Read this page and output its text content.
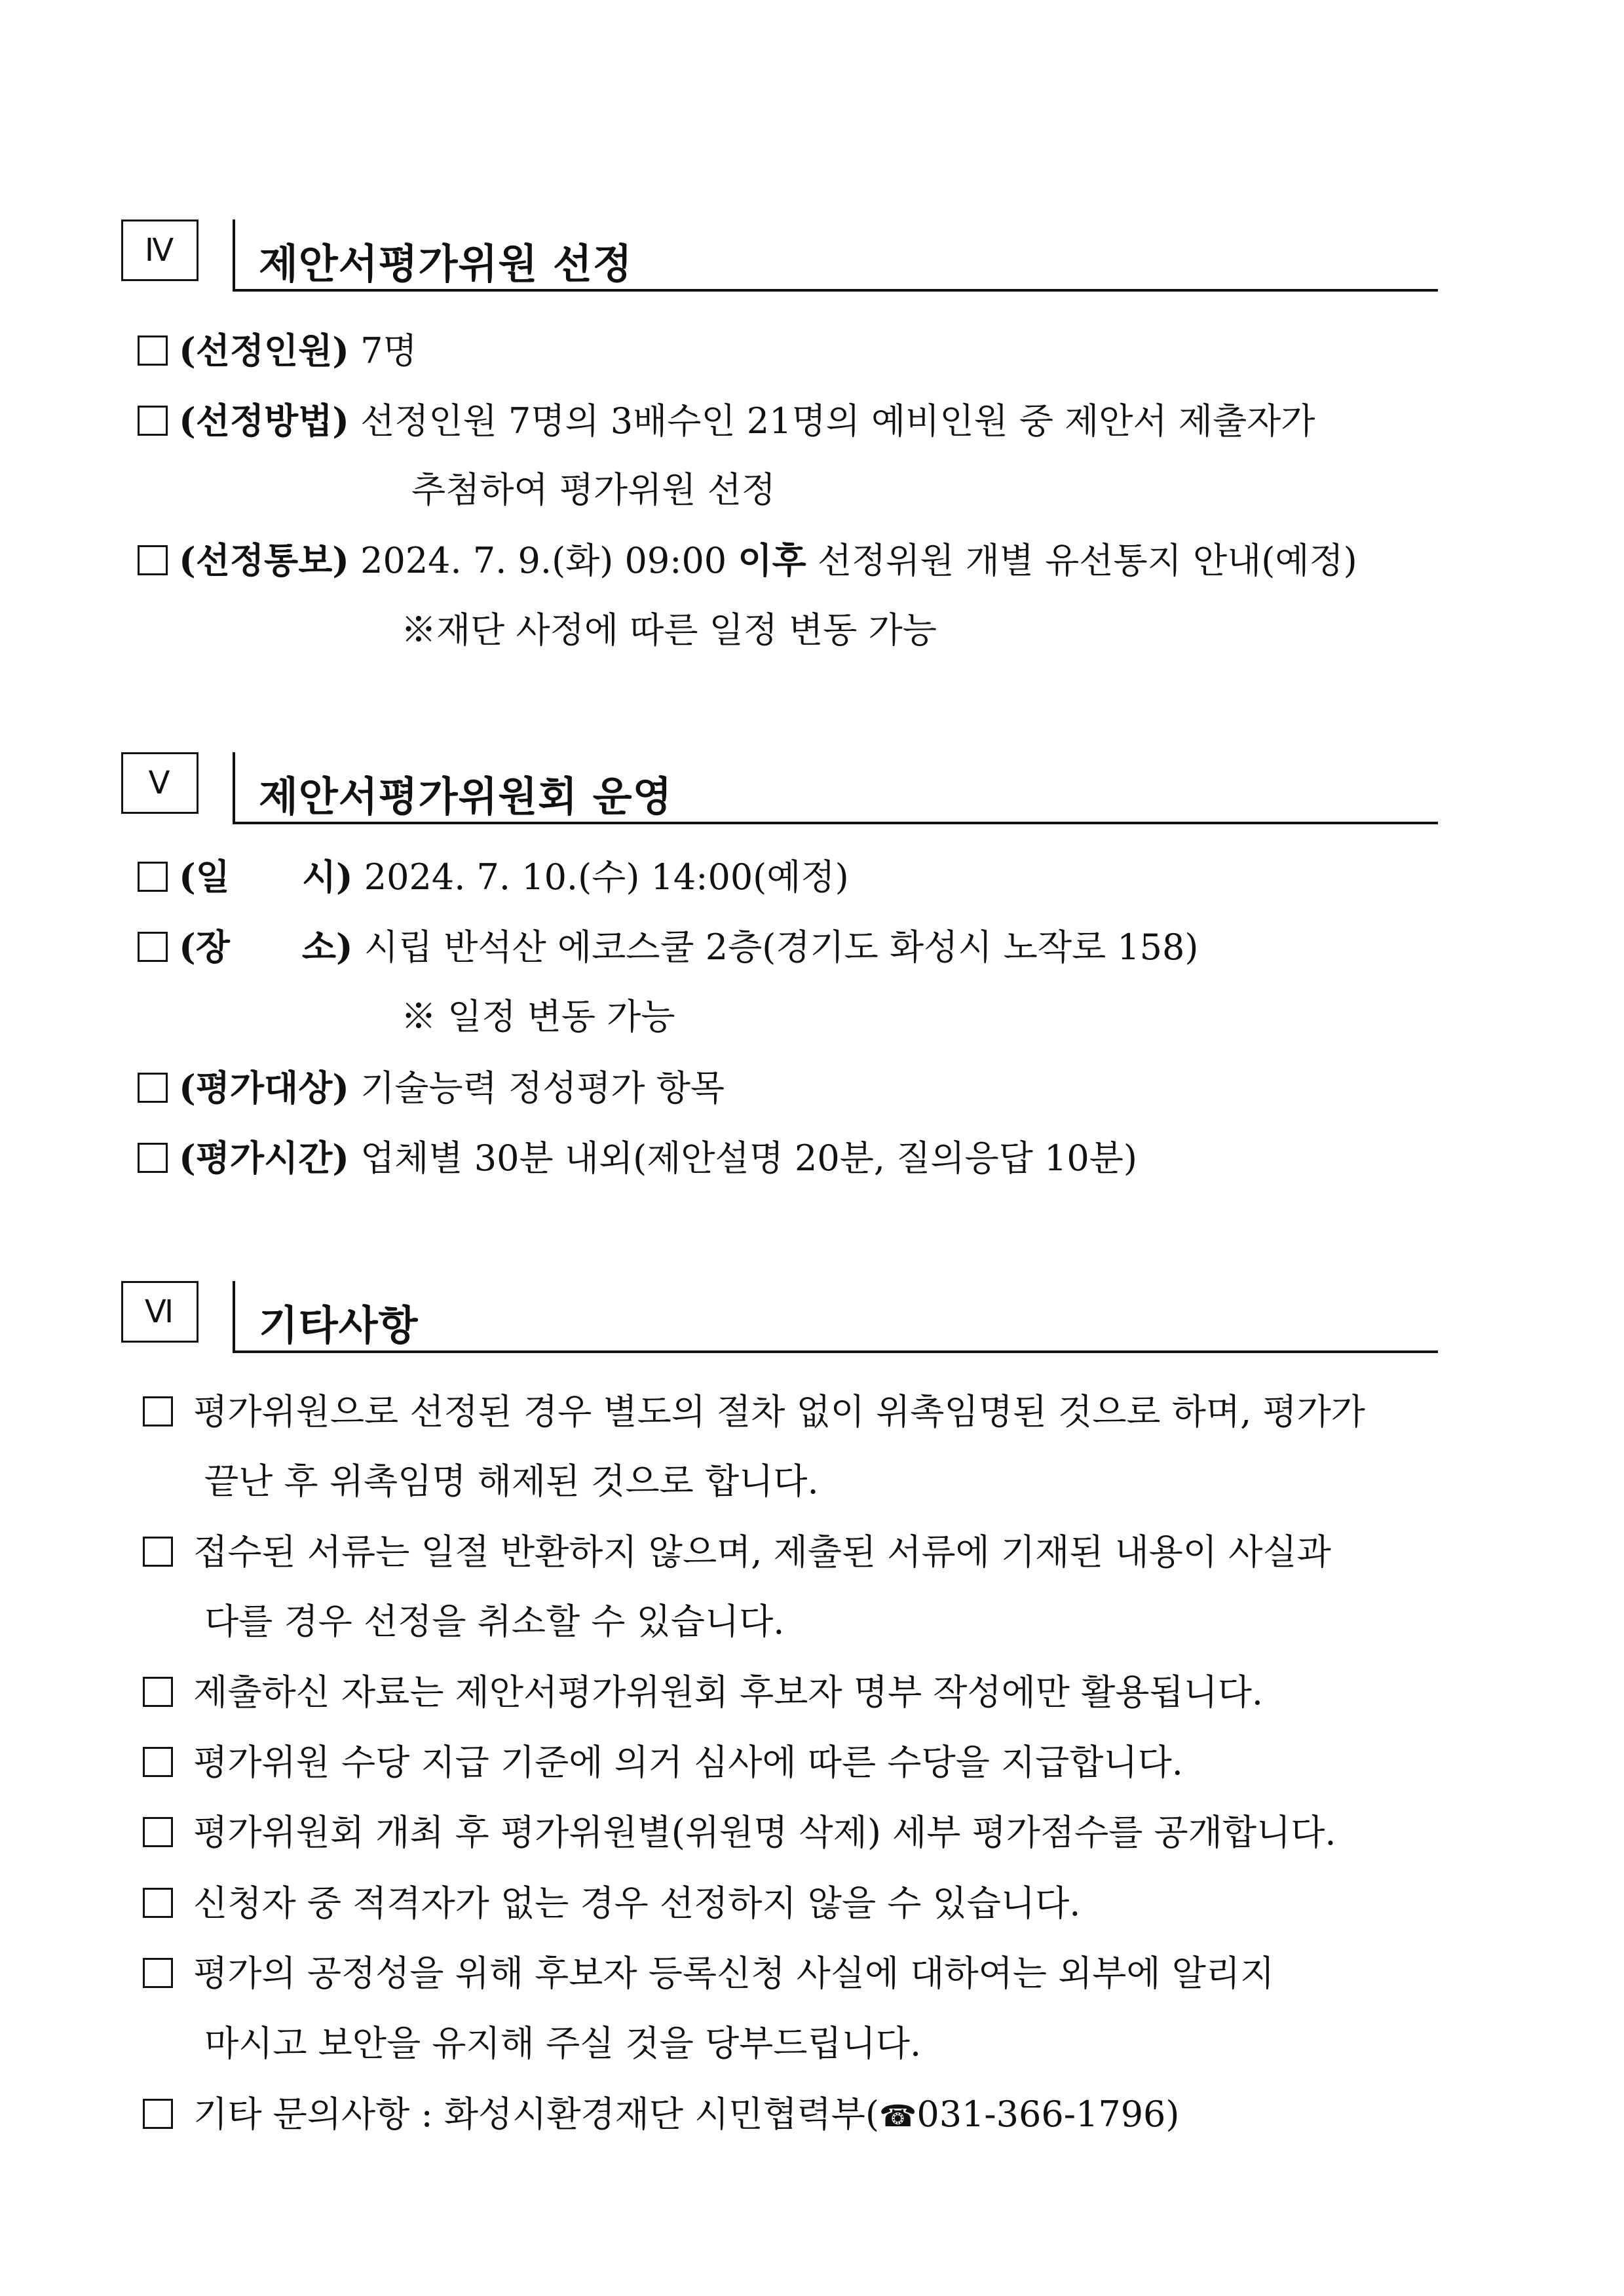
Ⅳ	제안서평가위원 선정
(선정인원) 7명
(선정방법) 선정인원 7명의 3배수인 21명의 예비인원 중 제안서 제출자가
추첨하여 평가위원 선정
(선정통보) 2024. 7. 9.(화) 09:00 이후 선정위원 개별 유선통지 안내(예정)
※재단 사정에 따른 일정 변동 가능
Ⅴ	제안서평가위원회 운영
(일 시) 2024. 7. 10.(수) 14:00(예정)
(장 소) 시립 반석산 에코스쿨 2층(경기도 화성시 노작로 158)
※ 일정 변동 가능
(평가대상) 기술능력 정성평가 항목
(평가시간) 업체별 30분 내외(제안설명 20분, 질의응답 10분)
Ⅵ	기타사항
평가위원으로 선정된 경우 별도의 절차 없이 위촉임명된 것으로 하며, 평가가
끝난 후 위촉임명 해제된 것으로 합니다.
접수된 서류는 일절 반환하지 않으며, 제출된 서류에 기재된 내용이 사실과
다를 경우 선정을 취소할 수 있습니다.
제출하신 자료는 제안서평가위원회 후보자 명부 작성에만 활용됩니다.
평가위원 수당 지급 기준에 의거 심사에 따른 수당을 지급합니다.
평가위원회 개최 후 평가위원별(위원명 삭제) 세부 평가점수를 공개합니다.
신청자 중 적격자가 없는 경우 선정하지 않을 수 있습니다.
평가의 공정성을 위해 후보자 등록신청 사실에 대하여는 외부에 알리지
마시고 보안을 유지해 주실 것을 당부드립니다.
기타 문의사항 : 화성시환경재단 시민협력부(☎031-366-1796)
